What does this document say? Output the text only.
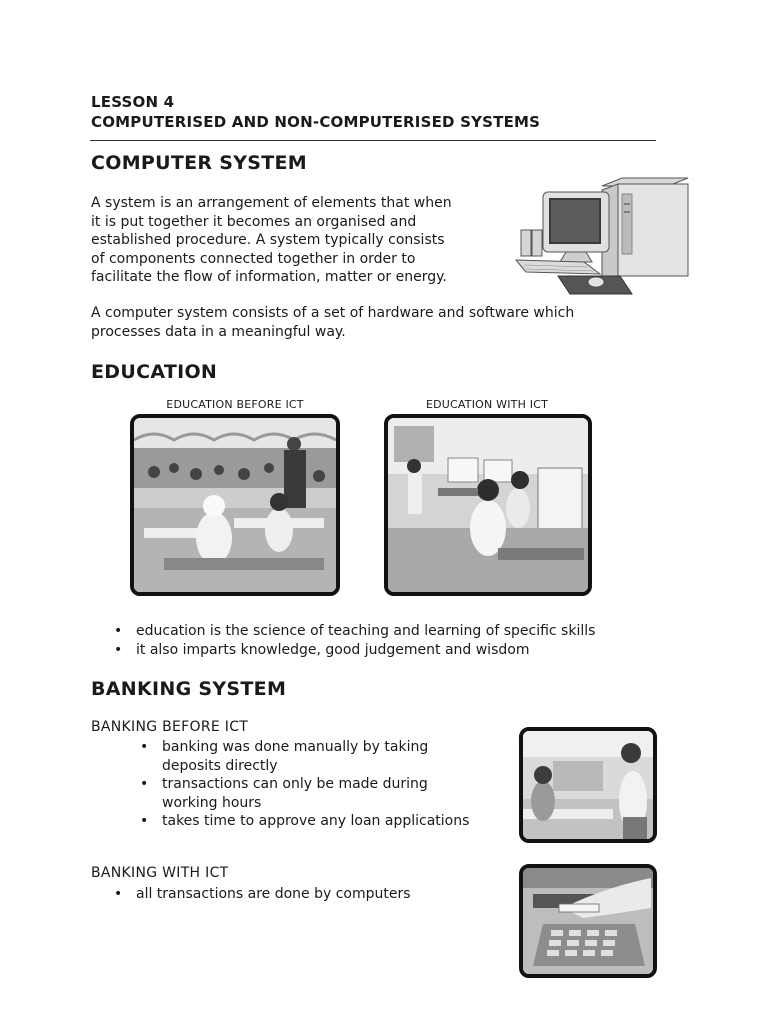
LESSON 4
COMPUTERISED AND NON-COMPUTERISED SYSTEMS
COMPUTER SYSTEM
A system is an arrangement of elements that when
it is put together it becomes an organised and
established procedure. A system typically consists
of components connected together in order to
facilitate the flow of information, matter or energy.
A computer system consists of a set of hardware and software which
processes data in a meaningful way.
EDUCATION
EDUCATION BEFORE ICT	EDUCATION WITH ICT
• education is the science of teaching and learning of specific skills
• it also imparts knowledge, good judgement and wisdom
BANKING SYSTEM
BANKING BEFORE ICT
• banking was done manually by taking
deposits directly
• transactions can only be made during
working hours
• takes time to approve any loan applications
BANKING WITH ICT
• all transactions are done by computers
